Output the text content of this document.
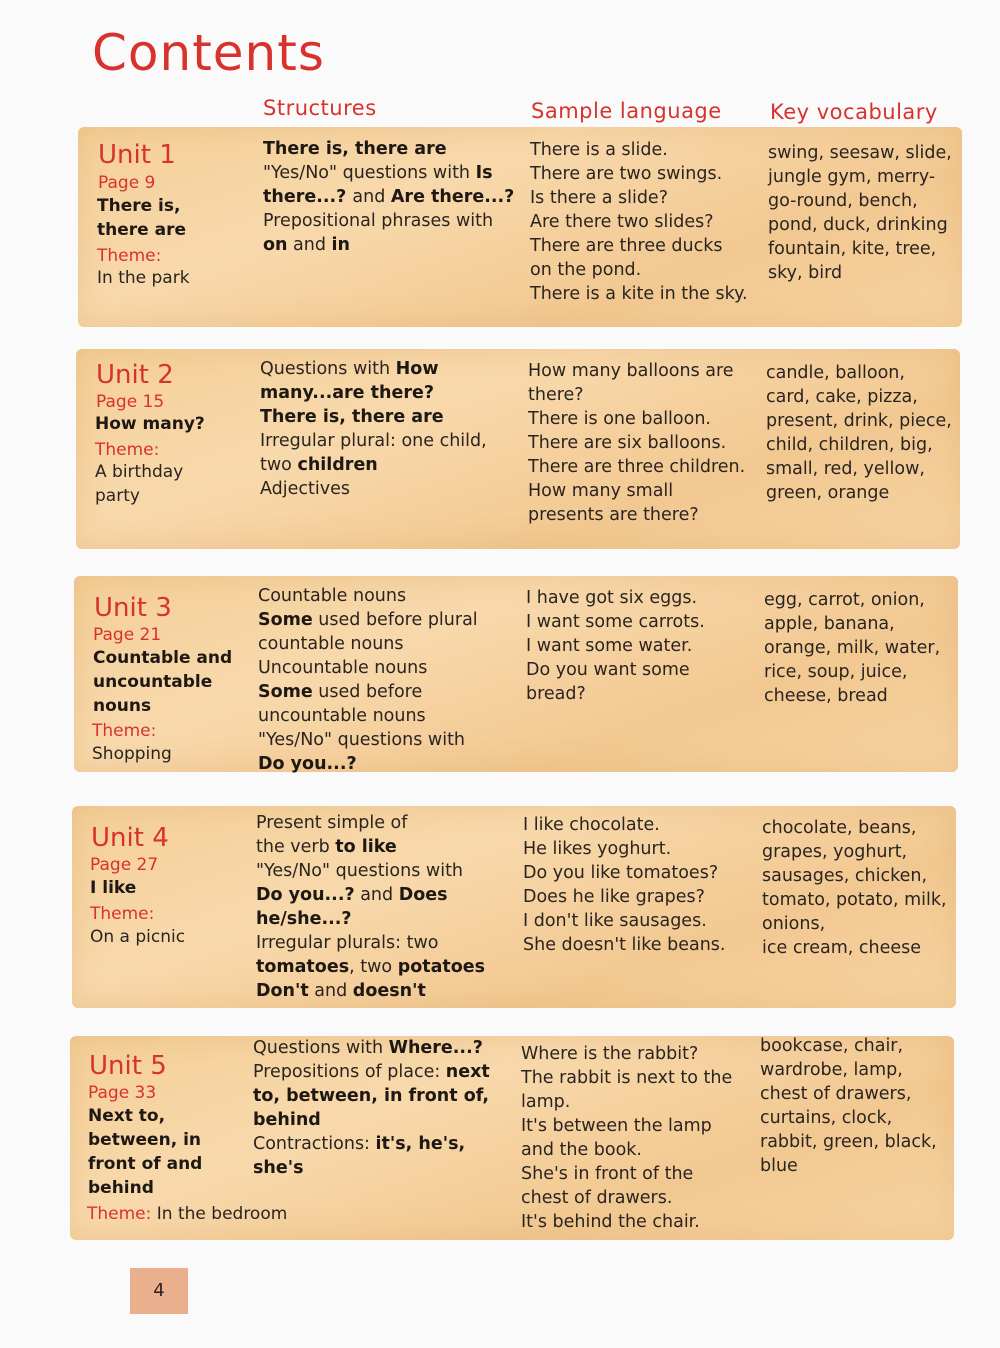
Contents
Structures	Sample language Key vocabulary
Unit 1
Page 9
There is,
there are
Theme:
In the park
There is, there are
"Yes/No" questions with Is
there...? and Are there...?
Prepositional phrases with
on and in
There is a slide.
There are two swings.
Is there a slide?
Are there two slides?
There are three ducks
on the pond.
There is a kite in the sky.
swing, seesaw, slide,
jungle gym, merry-
go-round, bench,
pond, duck, drinking
fountain, kite, tree,
sky, bird
Unit 2
Page 15
How many?
Theme:
A birthday
party
Questions with How
many...are there?
There is, there are
Irregular plural: one child,
two children
Adjectives
How many balloons are
there?
There is one balloon.
There are six balloons.
There are three children.
How many small
presents are there?
candle, balloon,
card, cake, pizza,
present, drink, piece,
child, children, big,
small, red, yellow,
green, orange
Unit 3
Page 21
Countable and
uncountable
nouns
Theme:
Shopping
Countable nouns
Some used before plural
countable nouns
Uncountable nouns
Some used before
uncountable nouns
"Yes/No" questions with
Do you...?
I have got six eggs.
I want some carrots.
I want some water.
Do you want some
bread?
egg, carrot, onion,
apple, banana,
orange, milk, water,
rice, soup, juice,
cheese, bread
Unit 4
Page 27
I like
Theme:
On a picnic
Present simple of
the verb to like
"Yes/No" questions with
Do you...? and Does
he/she...?
Irregular plurals: two
tomatoes, two potatoes
Don't and doesn't
I like chocolate.
He likes yoghurt.
Do you like tomatoes?
Does he like grapes?
I don't like sausages.
She doesn't like beans.
chocolate, beans,
grapes, yoghurt,
sausages, chicken,
tomato, potato, milk,
onions,
ice cream, cheese
Unit 5
Page 33
Next to,
between, in
front of and
behind
Theme: In the bedroom
Questions with Where...?
Prepositions of place: next
to, between, in front of,
behind
Contractions: it's, he's,
she's
Where is the rabbit?
The rabbit is next to the
lamp.
It's between the lamp
and the book.
She's in front of the
chest of drawers.
It's behind the chair.
bookcase, chair,
wardrobe, lamp,
chest of drawers,
curtains, clock,
rabbit, green, black,
blue
4
